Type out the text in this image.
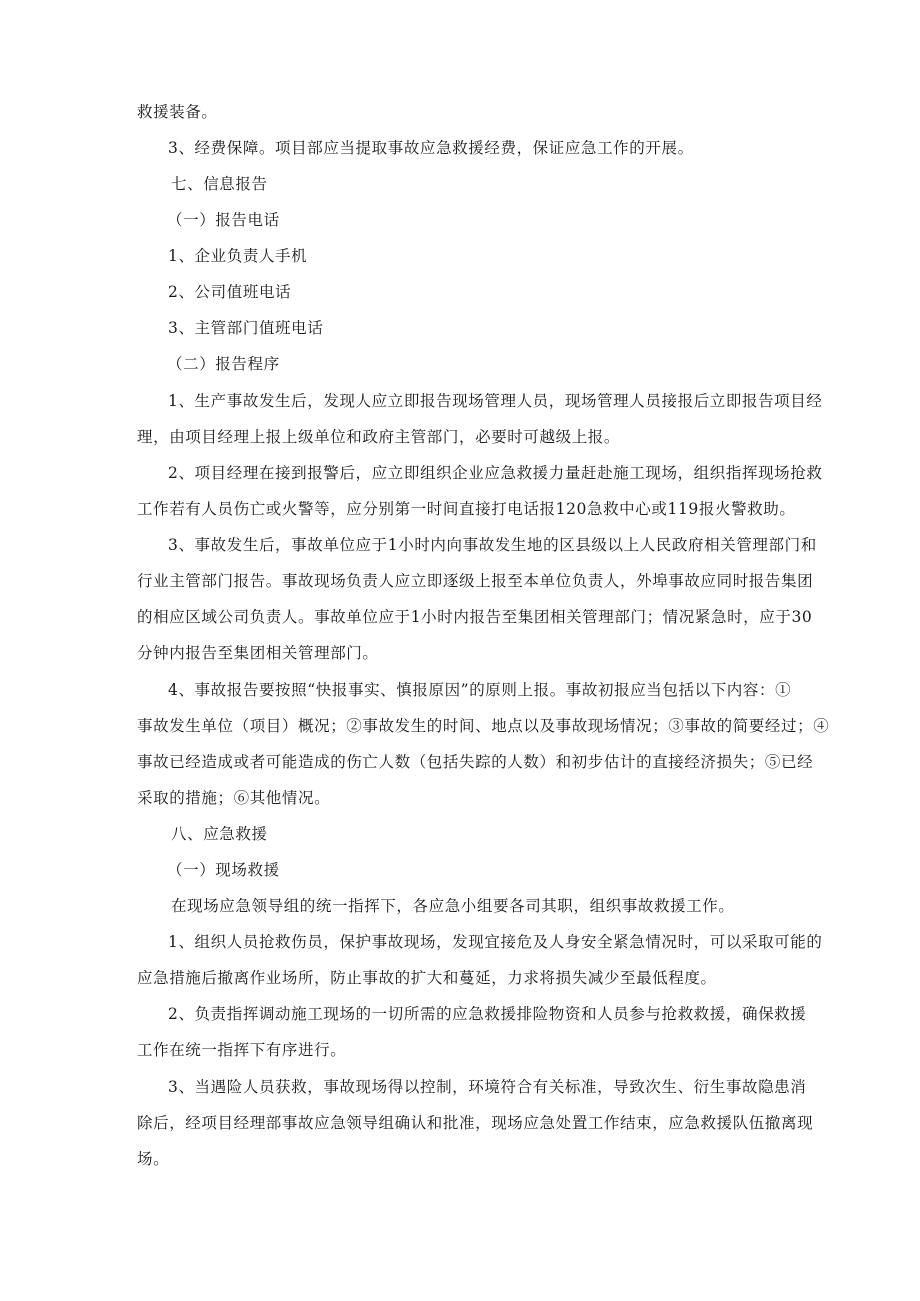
救援装备。
3、经费保障。项目部应当提取事故应急救援经费，保证应急工作的开展。
七、信息报告
（一）报告电话
1、企业负责人手机
2、公司值班电话
3、主管部门值班电话
（二）报告程序
1、生产事故发生后，发现人应立即报告现场管理人员，现场管理人员接报后立即报告项目经
理，由项目经理上报上级单位和政府主管部门，必要时可越级上报。
2、项目经理在接到报警后，应立即组织企业应急救援力量赶赴施工现场，组织指挥现场抢救
工作若有人员伤亡或火警等，应分别第一时间直接打电话报120急救中心或119报火警救助。
3、事故发生后，事故单位应于1小时内向事故发生地的区县级以上人民政府相关管理部门和
行业主管部门报告。事故现场负责人应立即逐级上报至本单位负责人，外埠事故应同时报告集团
的相应区域公司负责人。事故单位应于1小时内报告至集团相关管理部门；情况紧急时，应于30
分钟内报告至集团相关管理部门。
4、事故报告要按照“快报事实、慎报原因”的原则上报。事故初报应当包括以下内容：①
事故发生单位（项目）概况；②事故发生的时间、地点以及事故现场情况；③事故的简要经过；④
事故已经造成或者可能造成的伤亡人数（包括失踪的人数）和初步估计的直接经济损失；⑤已经
采取的措施；⑥其他情况。
八、应急救援
（一）现场救援
在现场应急领导组的统一指挥下，各应急小组要各司其职，组织事故救援工作。
1、组织人员抢救伤员，保护事故现场，发现宜接危及人身安全紧急情况时，可以采取可能的
应急措施后撤离作业场所，防止事故的扩大和蔓延，力求将损失减少至最低程度。
2、负责指挥调动施工现场的一切所需的应急救援排险物资和人员参与抢救救援，确保救援
工作在统一指挥下有序进行。
3、当遇险人员获救，事故现场得以控制，环境符合有关标准，导致次生、衍生事故隐患消
除后，经项目经理部事故应急领导组确认和批准，现场应急处置工作结束，应急救援队伍撤离现
场。
